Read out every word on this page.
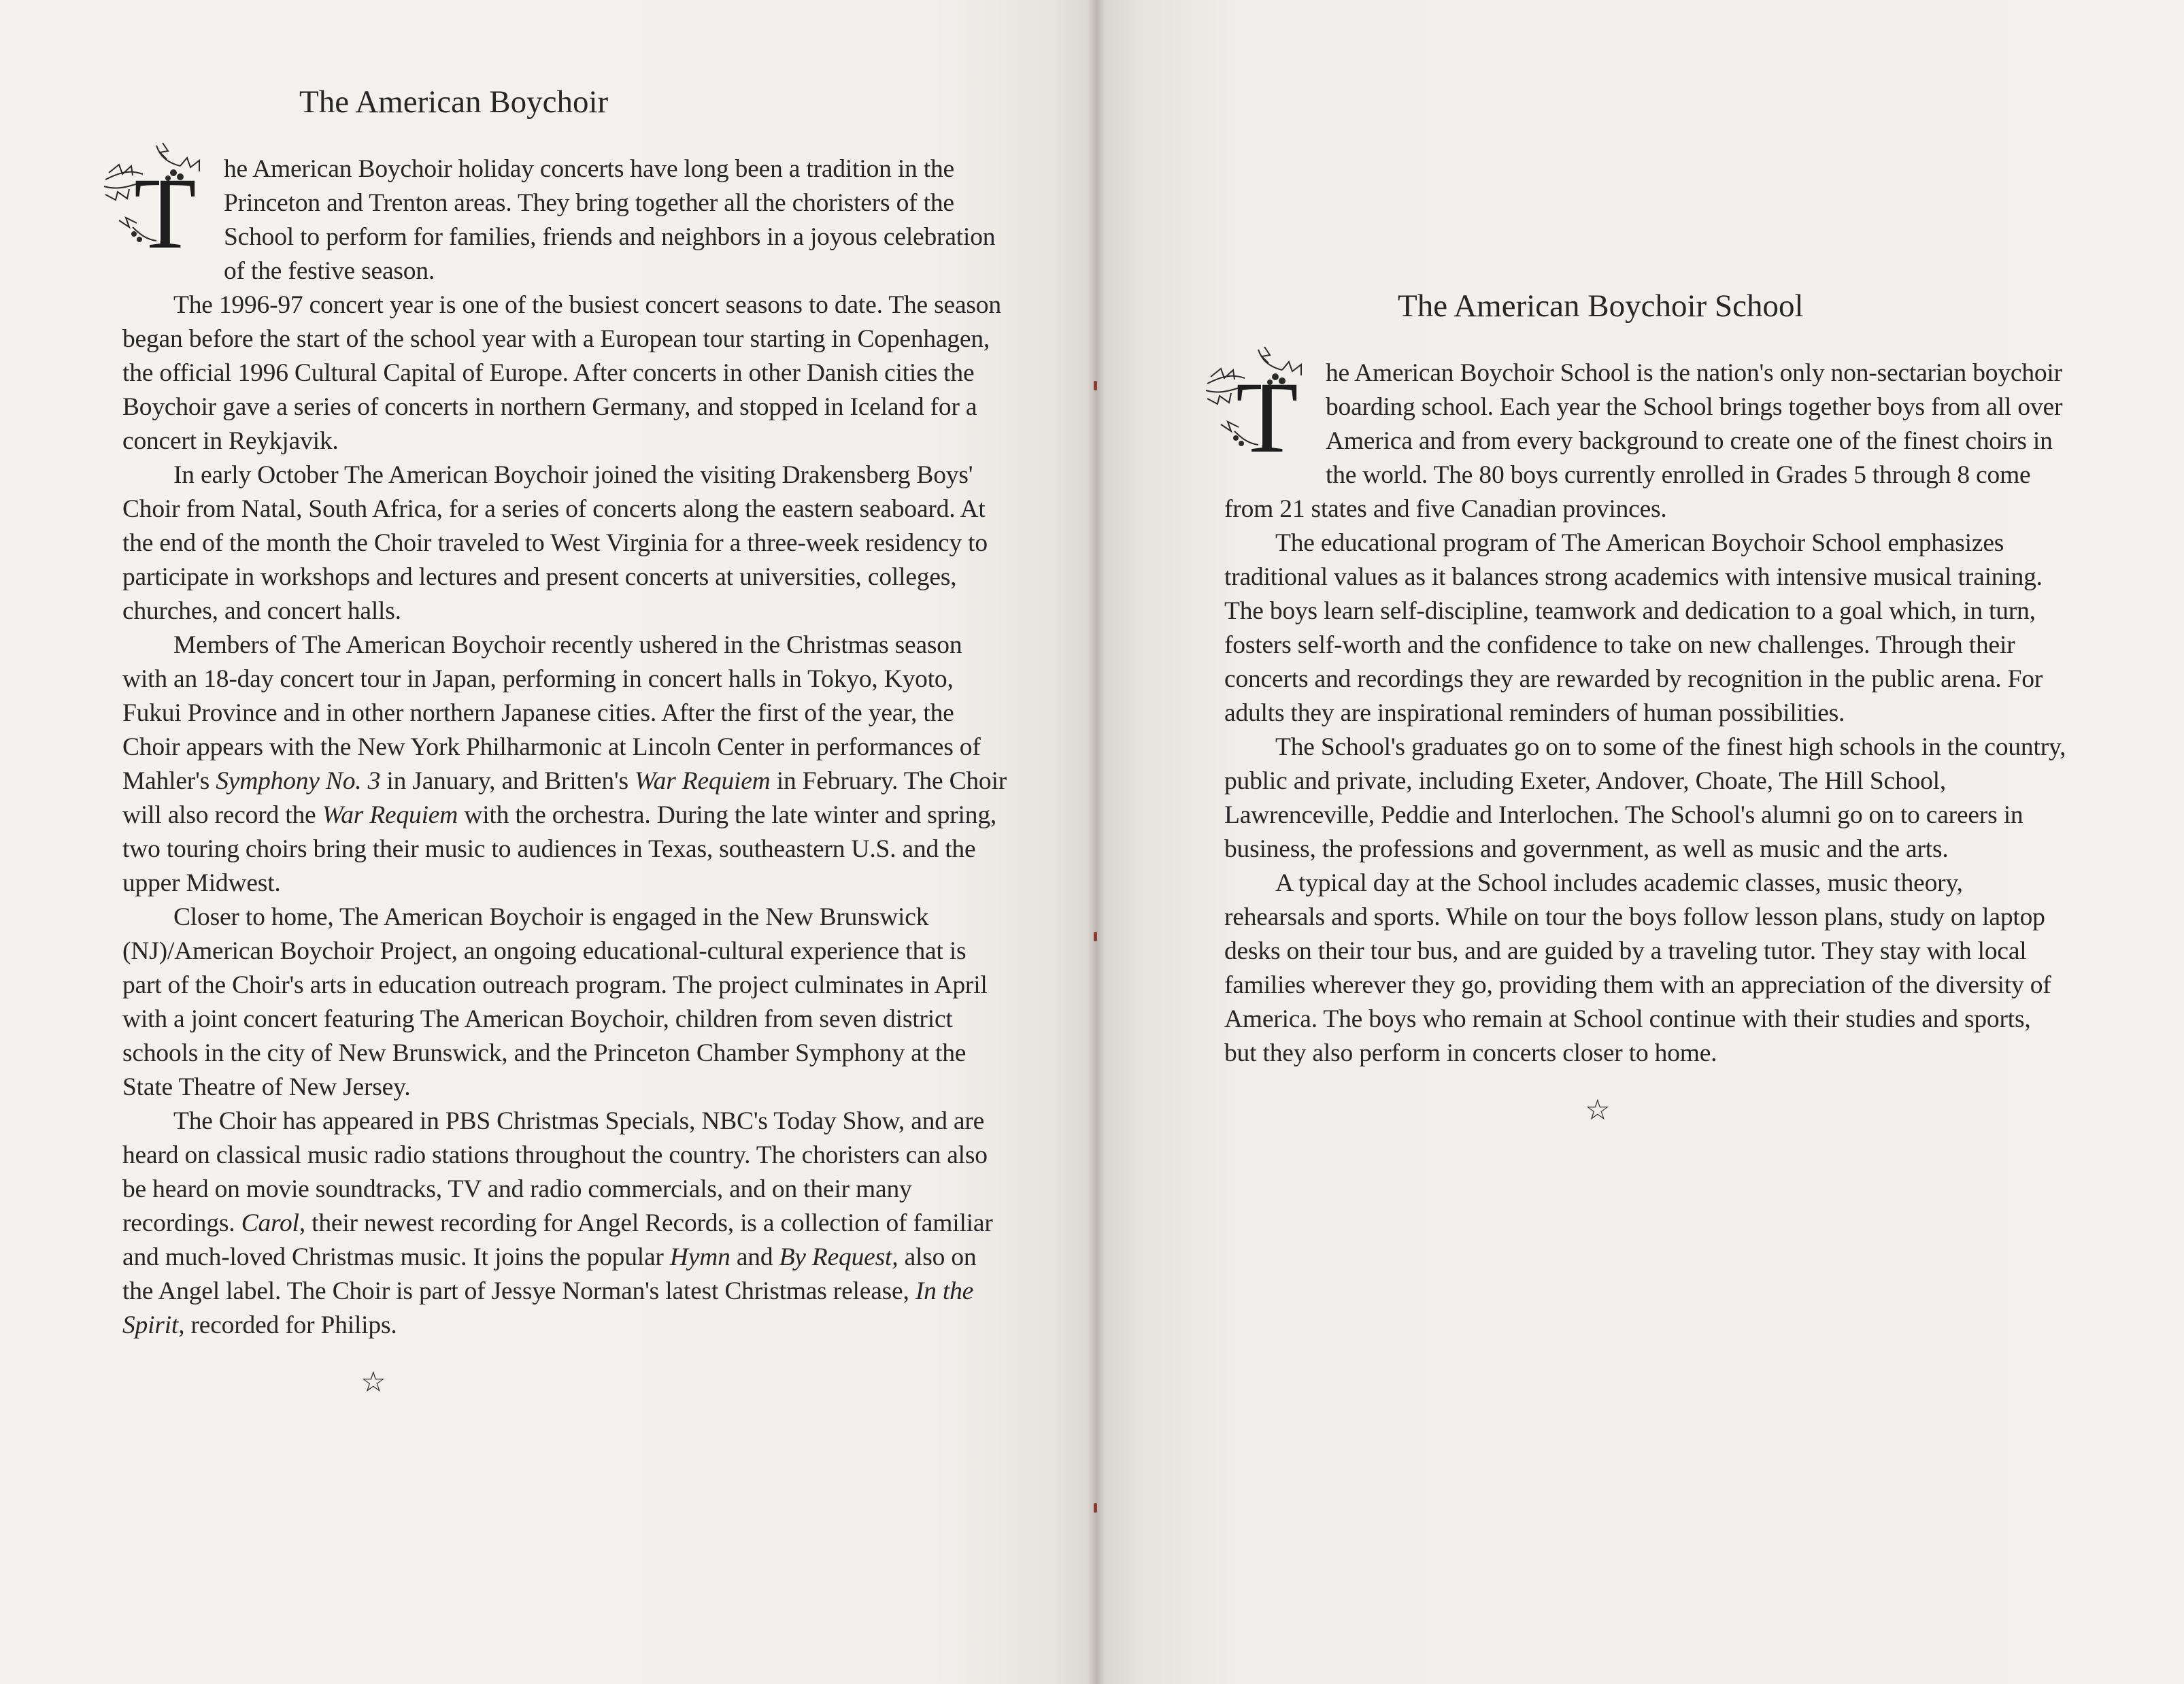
The American Boychoir

T he American Boychoir holiday concerts have long been a tradition in the Princeton and Trenton areas. They bring together all the choristers of the School to perform for families, friends and neighbors in a joyous celebration of the festive season.

The 1996-97 concert year is one of the busiest concert seasons to date. The season began before the start of the school year with a European tour starting in Copenhagen, the official 1996 Cultural Capital of Europe. After concerts in other Danish cities the Boychoir gave a series of concerts in northern Germany, and stopped in Iceland for a concert in Reykjavik.

In early October The American Boychoir joined the visiting Drakensberg Boys' Choir from Natal, South Africa, for a series of concerts along the eastern seaboard. At the end of the month the Choir traveled to West Virginia for a three-week residency to participate in workshops and lectures and present concerts at universities, colleges, churches, and concert halls.

Members of The American Boychoir recently ushered in the Christmas season with an 18-day concert tour in Japan, performing in concert halls in Tokyo, Kyoto, Fukui Province and in other northern Japanese cities. After the first of the year, the Choir appears with the New York Philharmonic at Lincoln Center in performances of Mahler's Symphony No. 3 in January, and Britten's War Requiem in February. The Choir will also record the War Requiem with the orchestra. During the late winter and spring, two touring choirs bring their music to audiences in Texas, southeastern U.S. and the upper Midwest.

Closer to home, The American Boychoir is engaged in the New Brunswick (NJ)/American Boychoir Project, an ongoing educational-cultural experience that is part of the Choir's arts in education outreach program. The project culminates in April with a joint concert featuring The American Boychoir, children from seven district schools in the city of New Brunswick, and the Princeton Chamber Symphony at the State Theatre of New Jersey.

The Choir has appeared in PBS Christmas Specials, NBC's Today Show, and are heard on classical music radio stations throughout the country. The choristers can also be heard on movie soundtracks, TV and radio commercials, and on their many recordings. Carol, their newest recording for Angel Records, is a collection of familiar and much-loved Christmas music. It joins the popular Hymn and By Request, also on the Angel label. The Choir is part of Jessye Norman's latest Christmas release, In the Spirit, recorded for Philips.

☆
The American Boychoir School

T he American Boychoir School is the nation's only non-sectarian boychoir boarding school. Each year the School brings together boys from all over America and from every background to create one of the finest choirs in the world. The 80 boys currently enrolled in Grades 5 through 8 come from 21 states and five Canadian provinces.

The educational program of The American Boychoir School emphasizes traditional values as it balances strong academics with intensive musical training. The boys learn self-discipline, teamwork and dedication to a goal which, in turn, fosters self-worth and the confidence to take on new challenges. Through their concerts and recordings they are rewarded by recognition in the public arena. For adults they are inspirational reminders of human possibilities.

The School's graduates go on to some of the finest high schools in the country, public and private, including Exeter, Andover, Choate, The Hill School, Lawrenceville, Peddie and Interlochen. The School's alumni go on to careers in business, the professions and government, as well as music and the arts.

A typical day at the School includes academic classes, music theory, rehearsals and sports. While on tour the boys follow lesson plans, study on laptop desks on their tour bus, and are guided by a traveling tutor. They stay with local families wherever they go, providing them with an appreciation of the diversity of America. The boys who remain at School continue with their studies and sports, but they also perform in concerts closer to home.

☆
